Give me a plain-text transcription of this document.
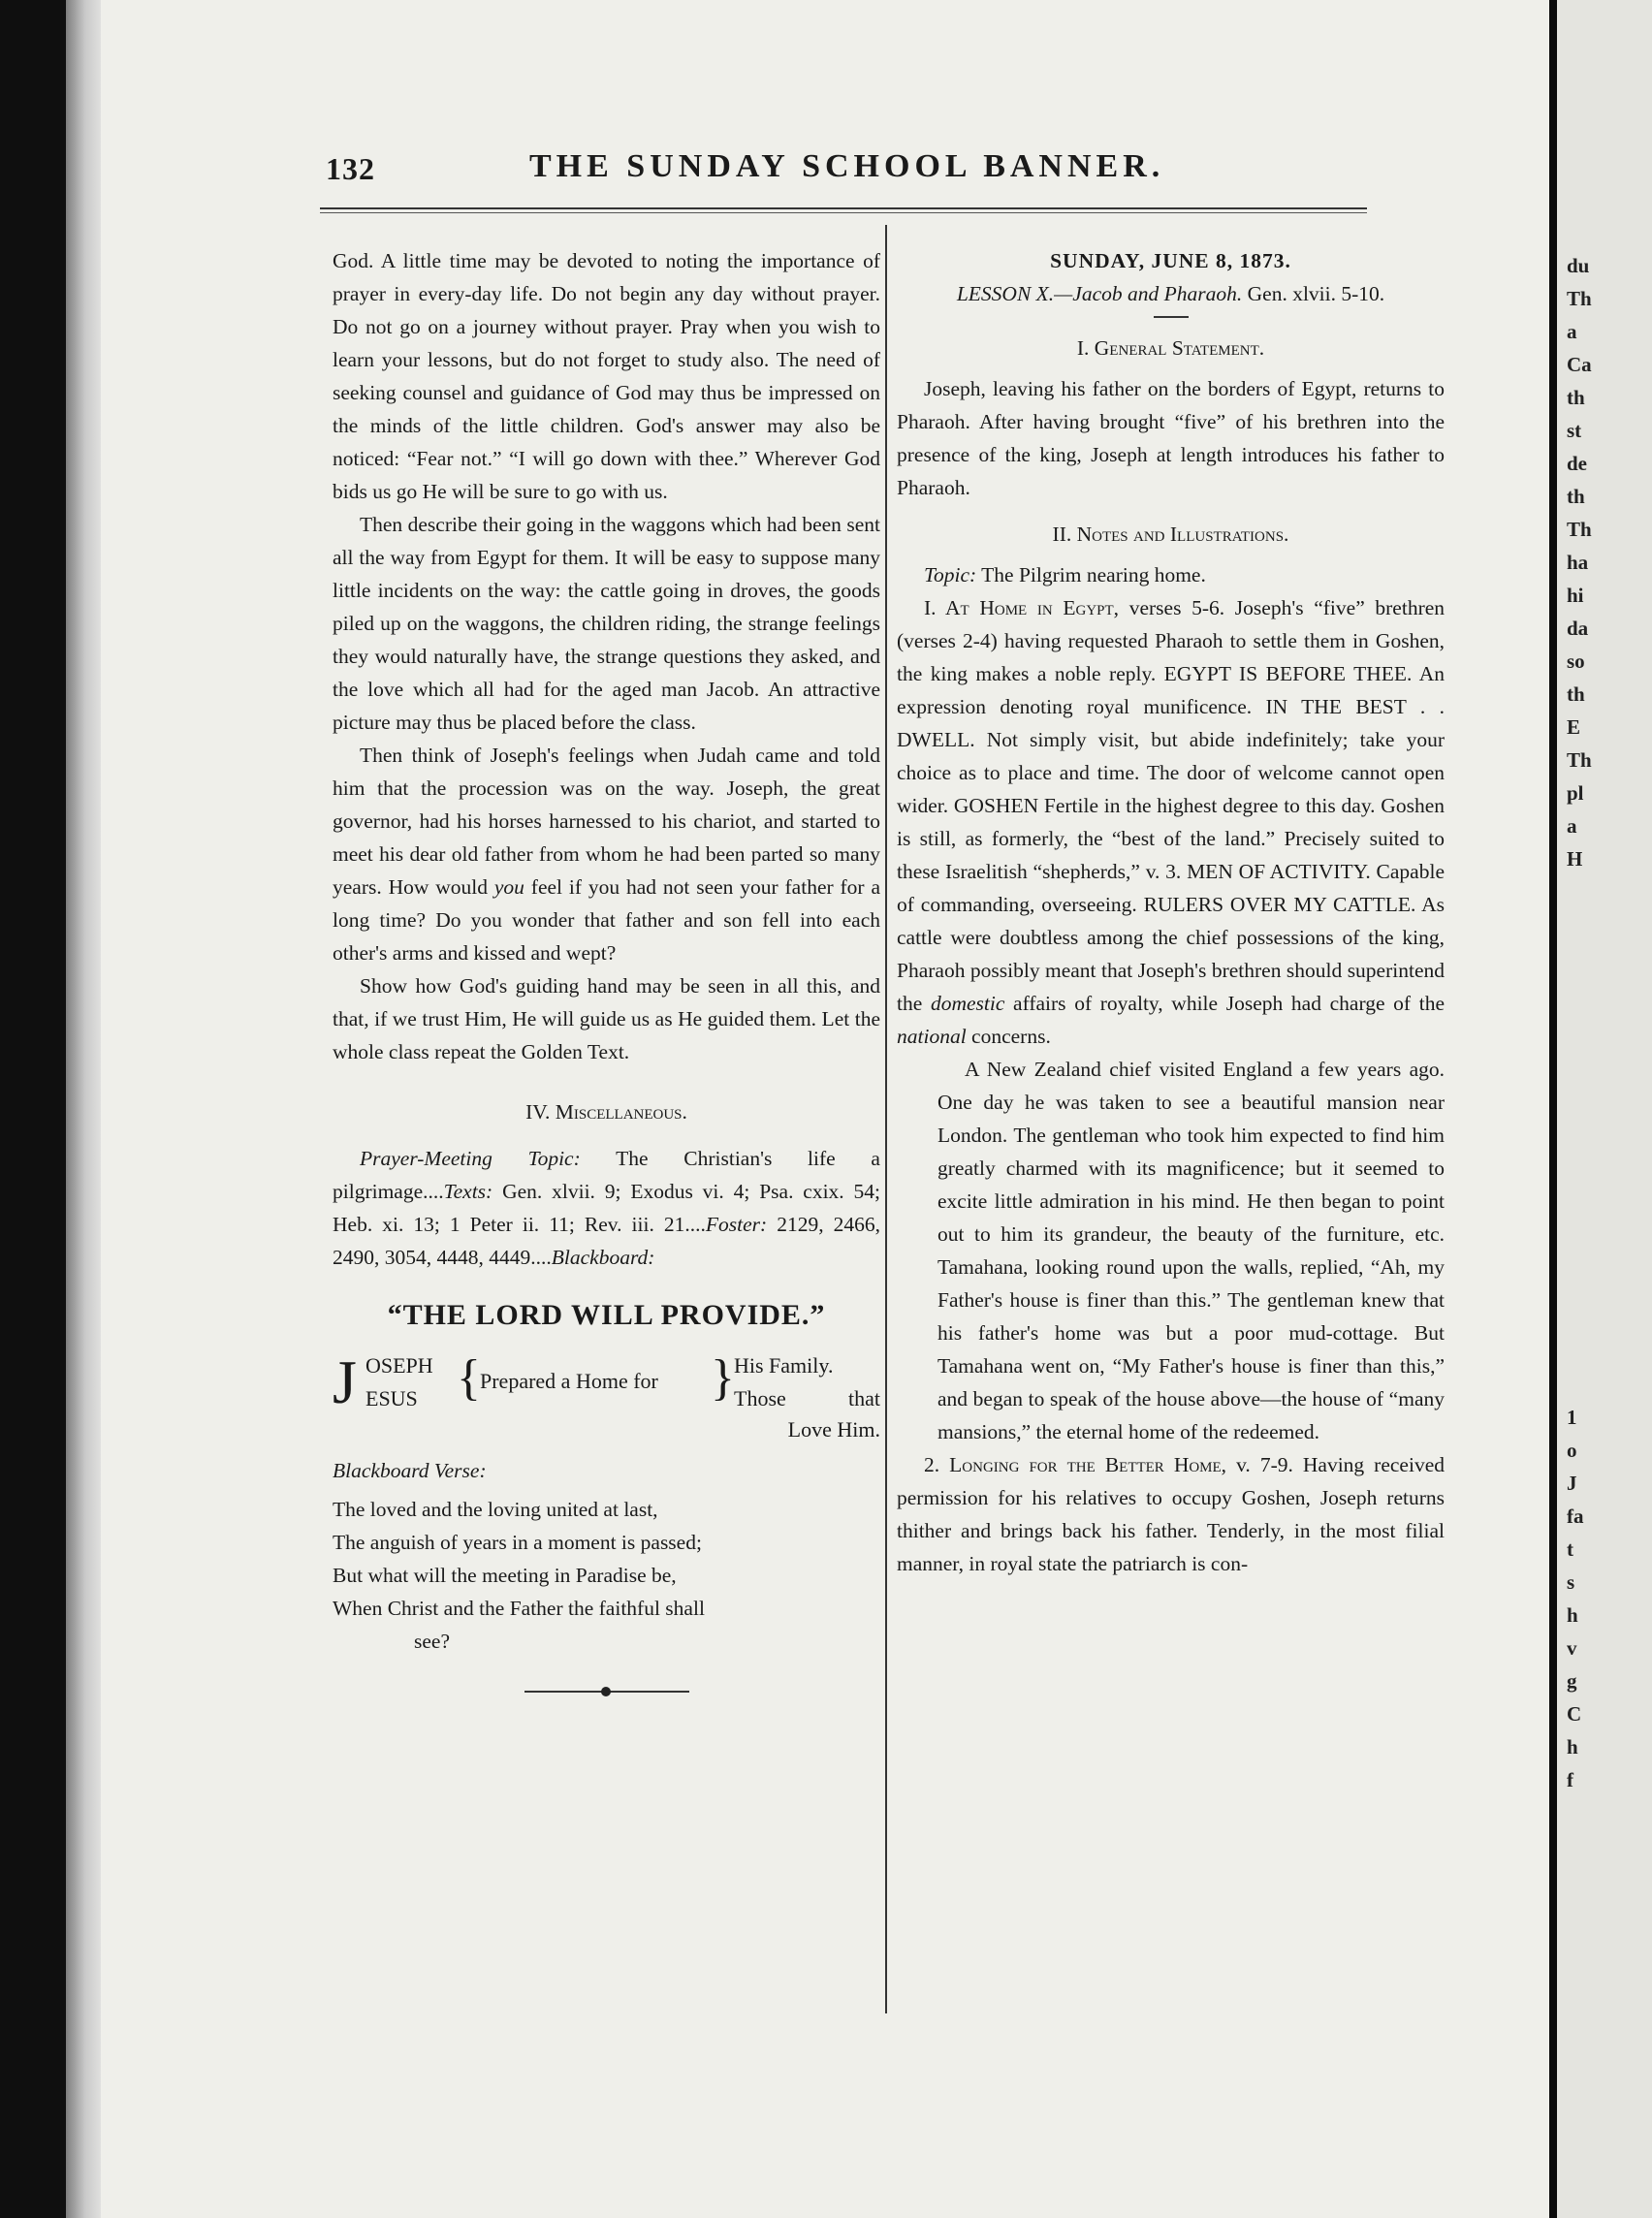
132	THE SUNDAY SCHOOL BANNER.

God. A little time may be devoted to noting the importance of prayer in every-day life. Do not begin any day without prayer. Do not go on a journey without prayer. Pray when you wish to learn your lessons, but do not forget to study also. The need of seeking counsel and guidance of God may thus be impressed on the minds of the little children. God's answer may also be noticed: “Fear not.” “I will go down with thee.” Wherever God bids us go He will be sure to go with us.

Then describe their going in the waggons which had been sent all the way from Egypt for them. It will be easy to suppose many little incidents on the way: the cattle going in droves, the goods piled up on the waggons, the children riding, the strange feelings they would naturally have, the strange questions they asked, and the love which all had for the aged man Jacob. An attractive picture may thus be placed before the class.

Then think of Joseph's feelings when Judah came and told him that the procession was on the way. Joseph, the great governor, had his horses harnessed to his chariot, and started to meet his dear old father from whom he had been parted so many years. How would you feel if you had not seen your father for a long time? Do you wonder that father and son fell into each other's arms and kissed and wept?

Show how God's guiding hand may be seen in all this, and that, if we trust Him, He will guide us as He guided them. Let the whole class repeat the Golden Text.

IV. Miscellaneous.

Prayer-Meeting Topic: The Christian's life a pilgrimage....Texts: Gen. xlvii. 9; Exodus vi. 4; Psa. cxix. 54; Heb. xi. 13; 1 Peter ii. 11; Rev. iii. 21....Foster: 2129, 2466, 2490, 3054, 4448, 4449....Blackboard:

“THE LORD WILL PROVIDE.”
J OSEPH
ESUS { Prepared a Home for } His Family.
Those that
Love Him.

Blackboard Verse:

The loved and the loving united at last,

The anguish of years in a moment is passed;

But what will the meeting in Paradise be,

When Christ and the Father the faithful shall

see?

SUNDAY, JUNE 8, 1873.

LESSON X.—Jacob and Pharaoh. Gen. xlvii. 5-10.

I. General Statement.

Joseph, leaving his father on the borders of Egypt, returns to Pharaoh. After having brought “five” of his brethren into the presence of the king, Joseph at length introduces his father to Pharaoh.

II. Notes and Illustrations.

Topic: The Pilgrim nearing home.

I. At Home in Egypt, verses 5-6. Joseph's “five” brethren (verses 2-4) having requested Pharaoh to settle them in Goshen, the king makes a noble reply. EGYPT IS BEFORE THEE. An expression denoting royal munificence. IN THE BEST . . DWELL. Not simply visit, but abide indefinitely; take your choice as to place and time. The door of welcome cannot open wider. GOSHEN Fertile in the highest degree to this day. Goshen is still, as formerly, the “best of the land.” Precisely suited to these Israelitish “shepherds,” v. 3. MEN OF ACTIVITY. Capable of commanding, overseeing. RULERS OVER MY CATTLE. As cattle were doubtless among the chief possessions of the king, Pharaoh possibly meant that Joseph's brethren should superintend the domestic affairs of royalty, while Joseph had charge of the national concerns.

A New Zealand chief visited England a few years ago. One day he was taken to see a beautiful mansion near London. The gentleman who took him expected to find him greatly charmed with its magnificence; but it seemed to excite little admiration in his mind. He then began to point out to him its grandeur, the beauty of the furniture, etc. Tamahana, looking round upon the walls, replied, “Ah, my Father's house is finer than this.” The gentleman knew that his father's home was but a poor mud-cottage. But Tamahana went on, “My Father's house is finer than this,” and began to speak of the house above—the house of “many mansions,” the eternal home of the redeemed.

2. Longing for the Better Home, v. 7-9. Having received permission for his relatives to occupy Goshen, Joseph returns thither and brings back his father. Tenderly, in the most filial manner, in royal state the patriarch is con-

du
Th
a
Ca
th
st
de
th
Th
ha
hi
da
so
th
E
Th
pl
a
H
1
o
J
fa
t
s
h
v
g
C
h
f
